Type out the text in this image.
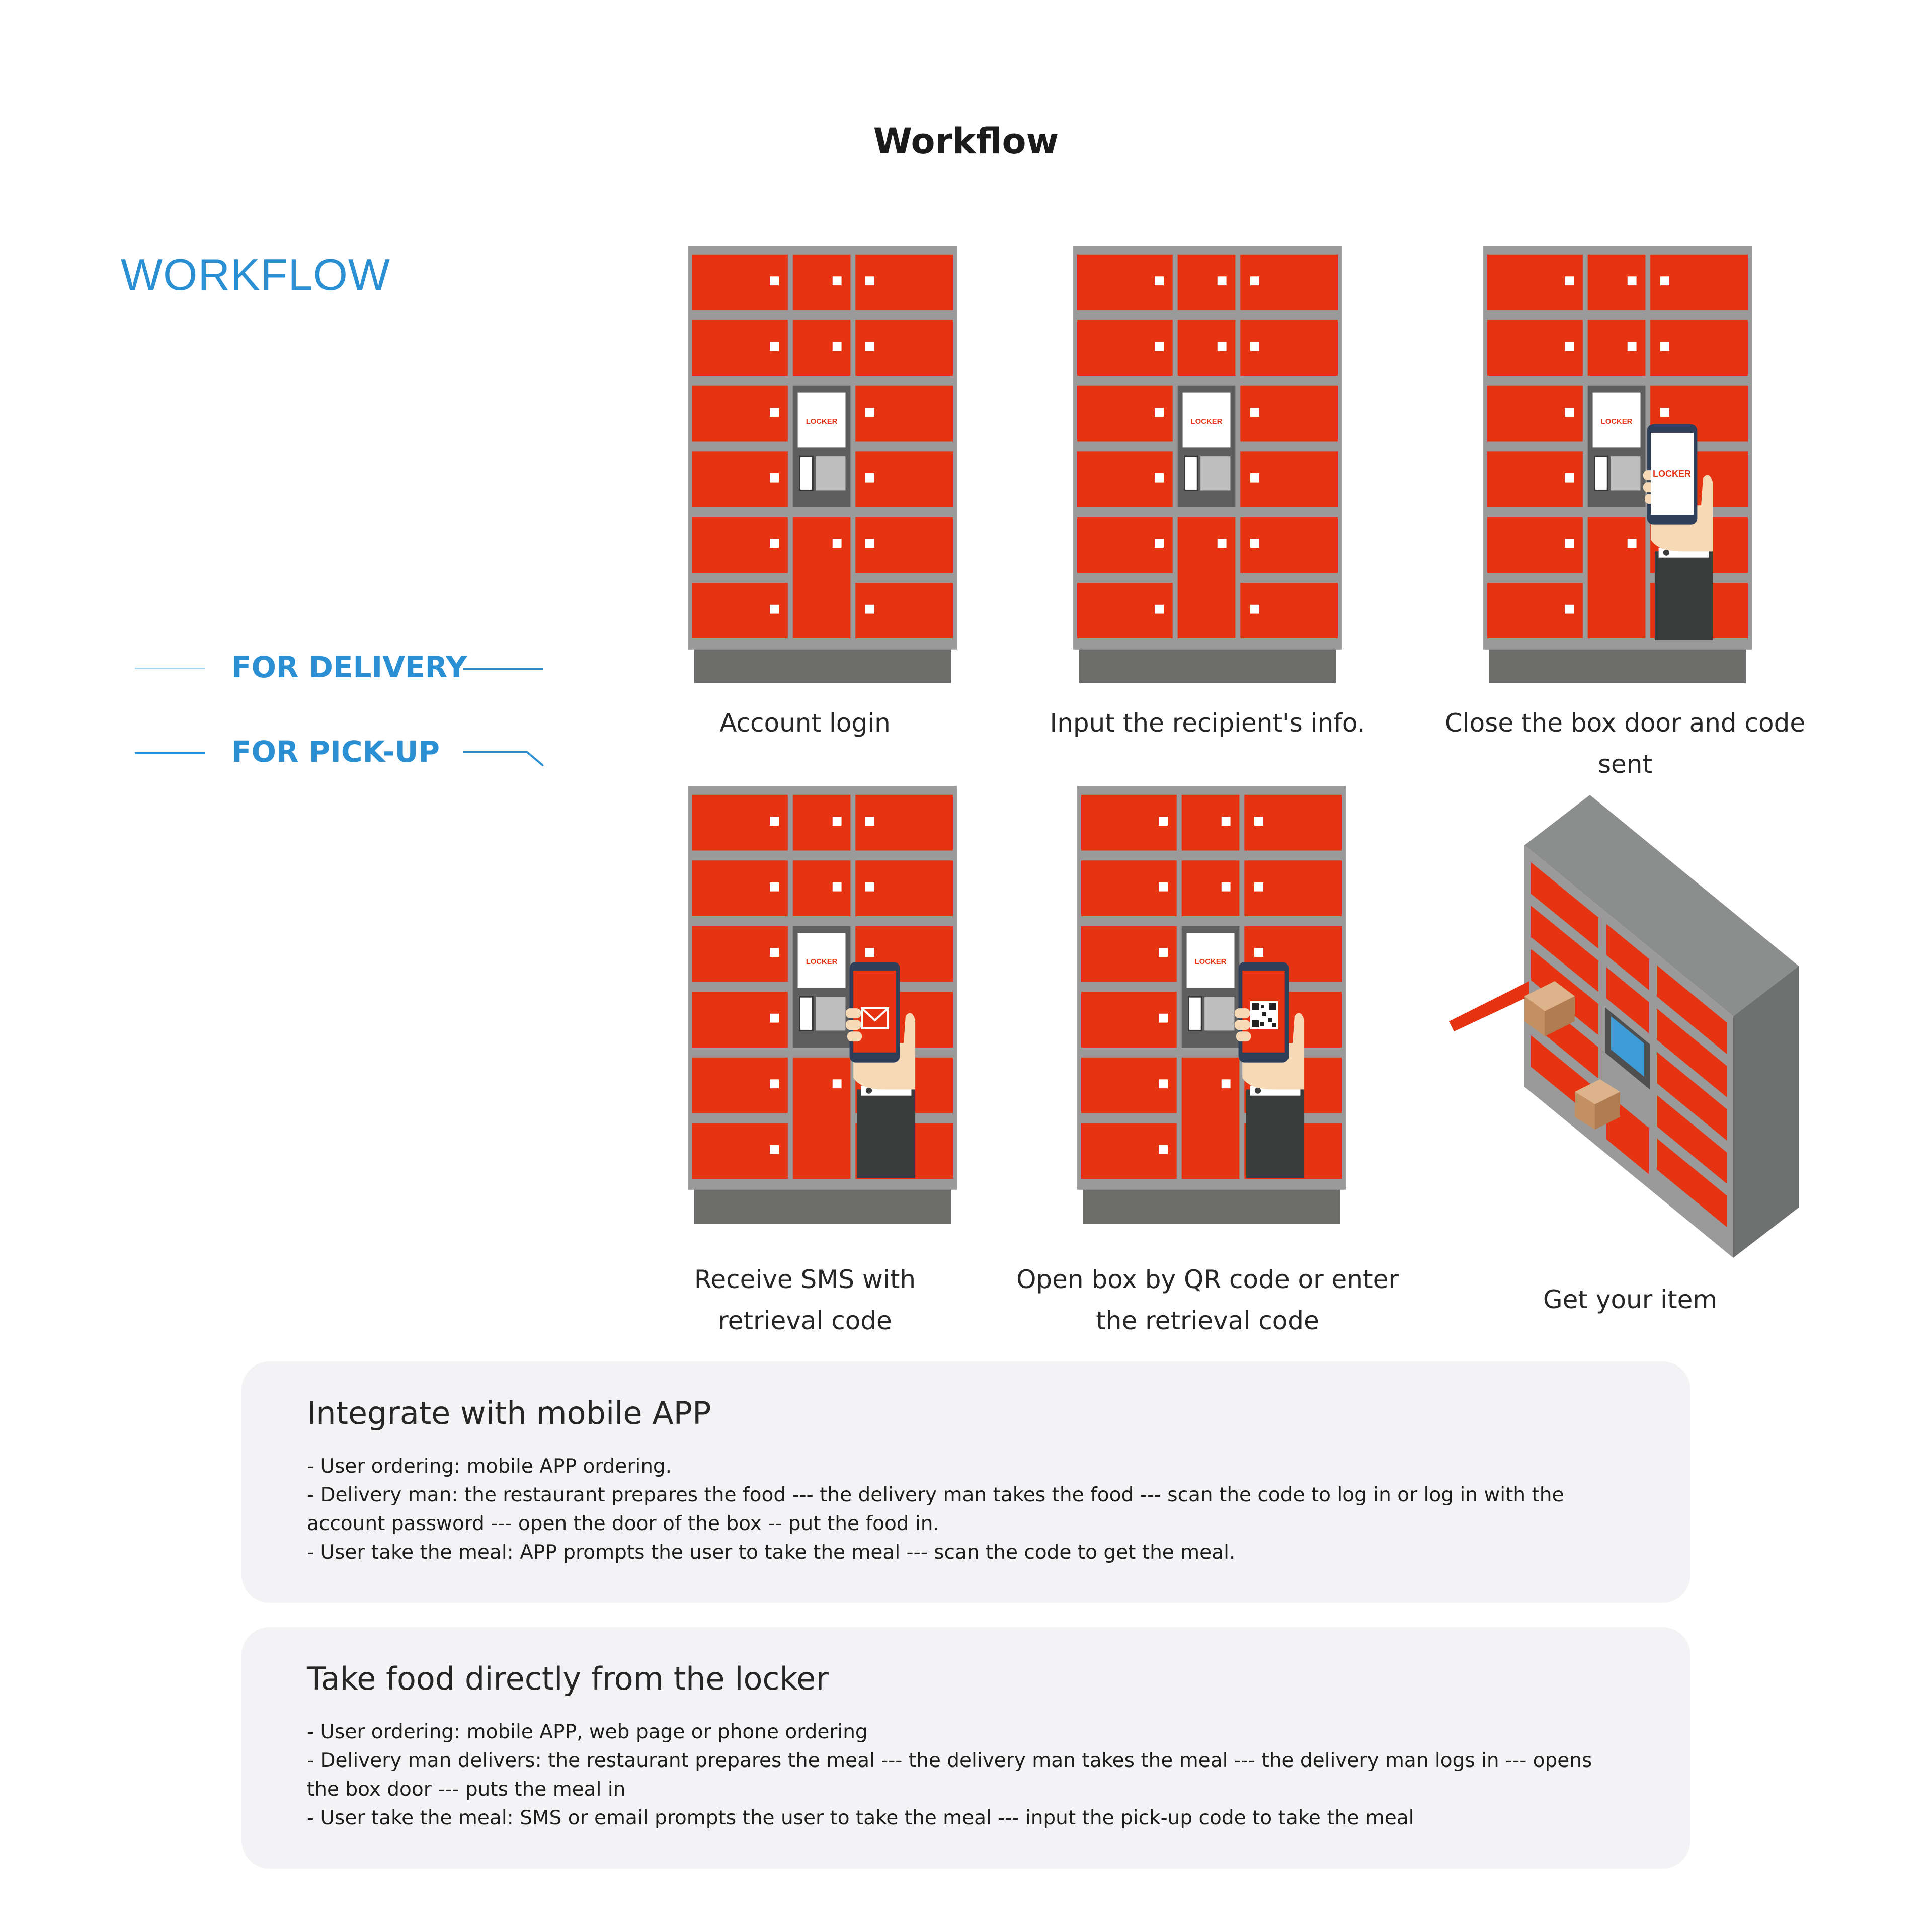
Workflow
WORKFLOW
FOR DELIVERY
FOR PICK-UP
Account login	Input the recipient's info.
LOCKER
Close the box door and code sent
Receive SMS with
retrieval code
Open box by QR code or enter
the retrieval code
Get your item
Integrate with mobile APP
- User ordering: mobile APP ordering.
- Delivery man: the restaurant prepares the food --- the delivery man takes the food --- scan the code to log in or log in with the account password --- open the door of the box -- put the food in.
- User take the meal: APP prompts the user to take the meal --- scan the code to get the meal.
Take food directly from the locker
- User ordering: mobile APP, web page or phone ordering
- Delivery man delivers: the restaurant prepares the meal --- the delivery man takes the meal --- the delivery man logs in --- opens the box door --- puts the meal in
- User take the meal: SMS or email prompts the user to take the meal --- input the pick-up code to take the meal
